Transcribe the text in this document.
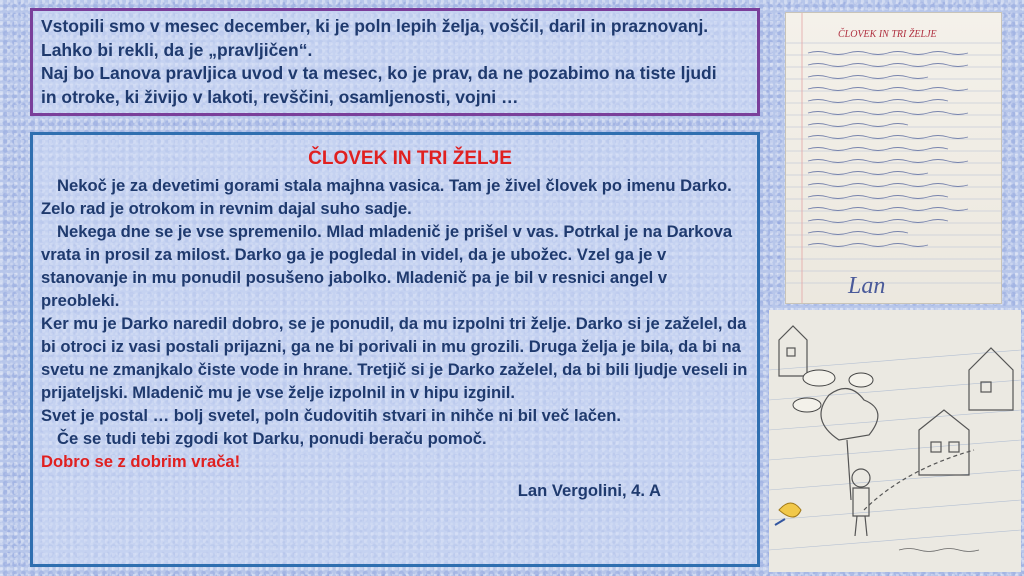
Vstopili smo v mesec december, ki je poln lepih želja, voščil, daril in praznovanj.

Lahko bi rekli, da je „pravljičen“.

Naj bo Lanova pravljica uvod v ta mesec, ko je prav, da ne pozabimo na tiste ljudi

in otroke, ki živijo v lakoti, revščini, osamljenosti, vojni …

ČLOVEK IN TRI ŽELJE

Nekoč je za devetimi gorami stala majhna vasica. Tam je živel človek po imenu Darko. Zelo rad je otrokom in revnim dajal suho sadje.

Nekega dne se je vse spremenilo. Mlad mladenič je prišel v vas. Potrkal je na Darkova vrata in prosil za milost. Darko ga je pogledal in videl, da je ubožec. Vzel ga je v stanovanje in mu ponudil posušeno jabolko. Mladenič pa je bil v resnici angel v preobleki.

Ker mu je Darko naredil dobro, se je ponudil, da mu izpolni tri želje. Darko si je zaželel, da bi otroci iz vasi postali prijazni, ga ne bi porivali in mu grozili. Druga želja je bila, da bi na svetu ne zmanjkalo čiste vode in hrane. Tretjič si je Darko zaželel, da bi bili ljudje veseli in prijateljski. Mladenič mu je vse želje izpolnil in v hipu izginil.

Svet je postal … bolj svetel, poln čudovitih stvari in nihče ni bil več lačen.

Če se tudi tebi zgodi kot Darku, ponudi beraču pomoč.

Dobro se z dobrim vrača!

Lan Vergolini, 4. A

ČLOVEK IN TRI ŽELJE
Lan
